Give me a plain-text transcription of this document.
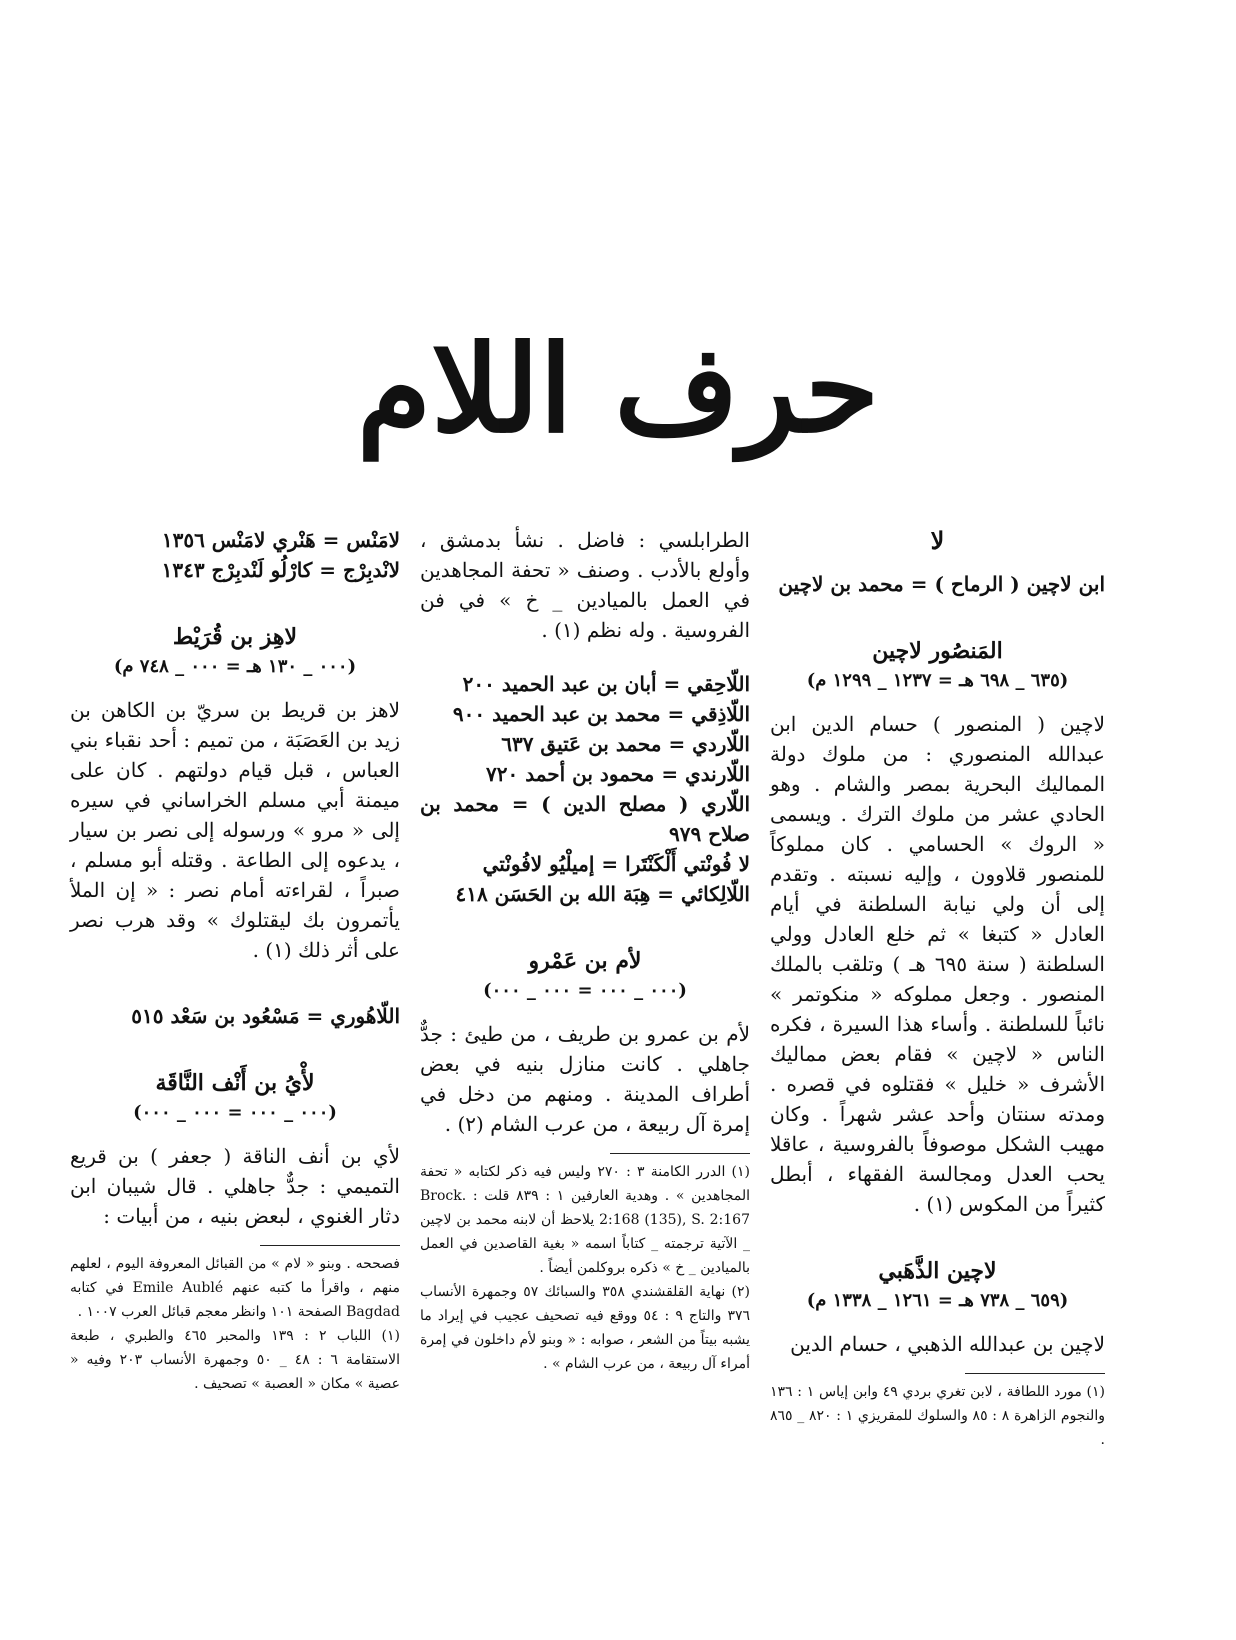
حرف اللام

لا

ابن لاچين ( الرماح ) = محمد بن لاچين

المَنصُور لاچين

(٦٣٥ _ ٦٩٨ هـ = ١٢٣٧ _ ١٢٩٩ م)

لاچين ( المنصور ) حسام الدين ابن عبدالله المنصوري : من ملوك دولة المماليك البحرية بمصر والشام . وهو الحادي عشر من ملوك الترك . ويسمى « الروك » الحسامي . كان مملوكاً للمنصور قلاوون ، وإليه نسبته . وتقدم إلى أن ولي نيابة السلطنة في أيام العادل « كتبغا » ثم خلع العادل وولي السلطنة ( سنة ٦٩٥ هـ ) وتلقب بالملك المنصور . وجعل مملوكه « منكوتمر » نائباً للسلطنة . وأساء هذا السيرة ، فكره الناس « لاچين » فقام بعض مماليك الأشرف « خليل » فقتلوه في قصره . ومدته سنتان وأحد عشر شهراً . وكان مهيب الشكل موصوفاً بالفروسية ، عاقلا يحب العدل ومجالسة الفقهاء ، أبطل كثيراً من المكوس (١) .

لاچين الذَّهَبي

(٦٥٩ _ ٧٣٨ هـ = ١٢٦١ _ ١٣٣٨ م)

لاچين بن عبدالله الذهبي ، حسام الدين

(١) مورد اللطافة ، لابن تغري بردي ٤٩ وابن إياس ١ : ١٣٦ والنجوم الزاهرة ٨ : ٨٥ والسلوك للمقريزي ١ : ٨٢٠ _ ٨٦٥ .

الطرابلسي : فاضل . نشأ بدمشق ، وأولع بالأدب . وصنف « تحفة المجاهدين في العمل بالميادين _ خ » في فن الفروسية . وله نظم (١) .

اللّاحِقي = أبان بن عبد الحميد ٢٠٠

اللّاذِقي = محمد بن عبد الحميد ٩٠٠

اللّاردي = محمد بن عَتيق ٦٣٧

اللّارندي = محمود بن أحمد ٧٢٠

اللّاري ( مصلح الدين ) = محمد بن صلاح ٩٧٩

لا فُونْتي أَلْكَنْتَرا = إميلْيُو لافُونْتي

اللّالِكائي = هِبَة الله بن الحَسَن ٤١٨

لأم بن عَمْرو

(٠٠٠ _ ٠٠٠ = ٠٠٠ _ ٠٠٠)

لأم بن عمرو بن طريف ، من طيئ : جدٌّ جاهلي . كانت منازل بنيه في بعض أطراف المدينة . ومنهم من دخل في إمرة آل ربيعة ، من عرب الشام (٢) .

(١) الدرر الكامنة ٣ : ٢٧٠ وليس فيه ذكر لكتابه « تحفة المجاهدين » . وهدية العارفين ١ : ٨٣٩ قلت : Brock. 2:168 (135), S. 2:167 يلاحظ أن لابنه محمد بن لاچين _ الآتية ترجمته _ كتاباً اسمه « بغية القاصدين في العمل بالميادين _ خ » ذكره بروكلمن أيضاً .

(٢) نهاية القلقشندي ٣٥٨ والسبائك ٥٧ وجمهرة الأنساب ٣٧٦ والتاج ٩ : ٥٤ ووقع فيه تصحيف عجيب في إيراد ما يشبه بيتاً من الشعر ، صوابه : « وبنو لأم داخلون في إمرة أمراء آل ربيعة ، من عرب الشام » .

لامَنْس = هَنْري لامَنْس ١٣٥٦

لانْدبِرْج = كارْلُو لَنْدبِرْج ١٣٤٣

لاهِز بن قُرَيْط

(٠٠٠ _ ١٣٠ هـ = ٠٠٠ _ ٧٤٨ م)

لاهز بن قريط بن سريّ بن الكاهن بن زيد بن العَصَبَة ، من تميم : أحد نقباء بني العباس ، قبل قيام دولتهم . كان على ميمنة أبي مسلم الخراساني في سيره إلى « مرو » ورسوله إلى نصر بن سيار ، يدعوه إلى الطاعة . وقتله أبو مسلم ، صبراً ، لقراءته أمام نصر : « إن الملأ يأتمرون بك ليقتلوك » وقد هرب نصر على أثر ذلك (١) .

اللّاهُوري = مَسْعُود بن سَعْد ٥١٥

لأْيُ بن أَنْف النَّاقَة

(٠٠٠ _ ٠٠٠ = ٠٠٠ _ ٠٠٠)

لأي بن أنف الناقة ( جعفر ) بن قريع التميمي : جدٌّ جاهلي . قال شيبان ابن دثار الغنوي ، لبعض بنيه ، من أبيات :

فصححه . وبنو « لام » من القبائل المعروفة اليوم ، لعلهم منهم ، واقرأ ما كتبه عنهم Emile Aublé في كتابه Bagdad الصفحة ١٠١ وانظر معجم قبائل العرب ١٠٠٧ .

(١) اللباب ٢ : ١٣٩ والمحبر ٤٦٥ والطبري ، طبعة الاستقامة ٦ : ٤٨ _ ٥٠ وجمهرة الأنساب ٢٠٣ وفيه « عصية » مكان « العصبة » تصحيف .
